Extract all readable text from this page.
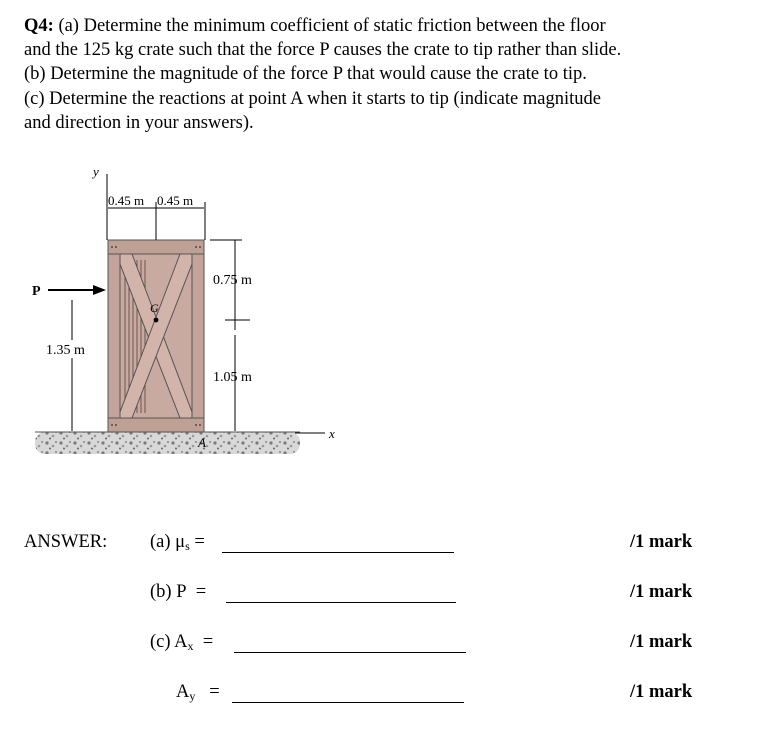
Q4: (a) Determine the minimum coefficient of static friction between the floor

and the 125 kg crate such that the force P causes the crate to tip rather than slide.

(b) Determine the magnitude of the force P that would cause the crate to tip.

(c) Determine the reactions at point A when it starts to tip (indicate magnitude

and direction in your answers).

x
G
A
y
0.45 m 0.45 m
0.75 m
1.05 m
P
1.35 m
ANSWER: (a) $\mu_s$ =	/1 mark
(b) P =	/1 mark
(c) $A_x$ =	/1 mark
$A_y$ =	/1 mark
